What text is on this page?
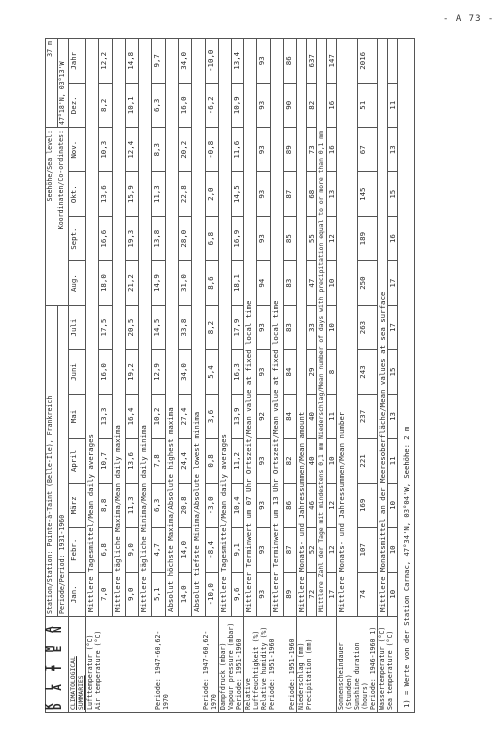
- A 73 -
K L I M A D A T E N	Station/Station: Pointe-à-Taint (Belle-Île), Frankreich							Seehöhe/Sea level:				37 m	
	Periode/Period: 1931-1960							Koordinaten/Co-ordinates:				47°18'N, 03°13'W	
CLIMATOLOGICAL SUMMARIES	Jan.	Febr.	März	April	Mai	Juni	Juli	Aug.	Sept.	Okt.	Nov.	Dez.	Jahr

Lufttemperatur (°C) Air temperature (°C) Periode: 1947-60,62-1970 Periode: 1947-60,62-1970	Mittlere Tagesmittel/Mean daily averages												
	7,0	6,8	8,8	10,7	13,3	16,0	17,5	18,0	16,6	13,6	10,3	8,2	12,2
	Mittlere tägliche Maxima/Mean daily maxima												
	9,0	9,0	11,3	13,6	16,4	19,2	20,5	21,2	19,3	15,9	12,4	10,1	14,8
	Mittlere tägliche Minima/Mean daily minima												
	5,1	4,7	6,3	7,8	10,2	12,9	14,5	14,9	13,8	11,3	8,3	6,3	9,7
	Absolut höchste Maxima/Absolute highest maxima												
	14,0	14,0	20,8	24,4	27,4	34,0	33,8	31,0	28,0	22,8	20,2	16,0	34,0
	Absolut tiefste Minima/Absolute lowest minima												
	-10,0	-8,4	-3,0	0,8	3,6	5,4	8,2	8,6	6,8	2,0	-0,8	-6,2	-10,0

Dampfdruck (mbar) Vapour pressure (mbar) Periode: 1951-1960	Mittlere Tagesmittel/Mean daily averages												
	9,6	9,1	10,4	11,2	13,9	16,3	17,9	18,1	16,9	14,5	11,6	10,9	13,4

Relative Luftfeuchtigkeit (%) Relative humidity (%) Periode: 1951-1960 Periode: 1951-1960	Mittlerer Terminwert um 07 Uhr Ortszeit/Mean value at fixed local time												
	93	93	93	93	92	93	93	94	93	93	93	93	93
	Mittlerer Terminwert um 13 Uhr Ortszeit/Mean value at fixed local time												
	89	87	86	82	84	84	83	83	85	87	89	90	86

Niederschlag (mm) Precipitation (mm)	Mittlere Monats- und Jahressummen/Mean amount												
	72	52	46	40	40	29	33	47	55	68	73	82	637
	Mittlere Zahl der Tage mit mindestens 0,1 mm Niederschlag/Mean number of days with precipitation equal to or more than 0,1 mm												
	17	12	12	10	11	8	10	10	12	13	16	16	147

Sonnenscheindauer (Stunden) Sunshine duration (hours) Periode: 1946-1960 1)	Mittlere Monats- und Jahressummen/Mean number												
	74	107	169	221	237	243	263	250	189	145	67	51	2016

Wassertemperatur (°C) Sea temperature (°C)	Mittlere Monatsmittel an der Meeresoberfläche/Mean values at sea surface												
	10	10	10	11	13	15	17	17	16	15	13	11	
1) = Werte von der Station Carnac, 47°34'N, 03°04'W, Seehöhe: 2 m													
